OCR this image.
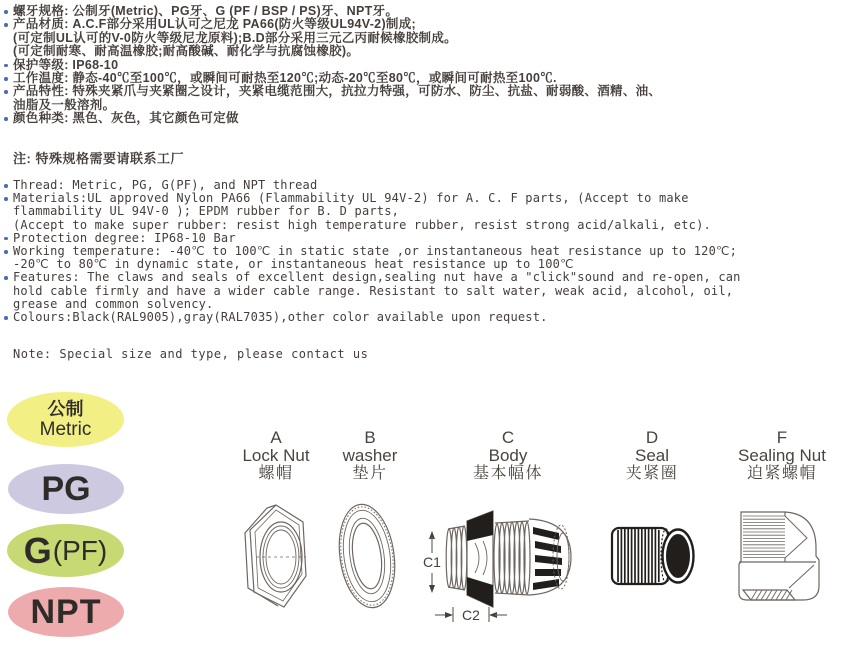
螺牙规格: 公制牙(Metric)、PG牙、G (PF / BSP / PS)牙、NPT牙。
产品材质: A.C.F部分采用UL认可之尼龙 PA66(防火等级UL94V-2)制成;
(可定制UL认可的V-0防火等级尼龙原料);B.D部分采用三元乙丙耐候橡胶制成。
(可定制耐寒、耐高温橡胶;耐高酸碱、耐化学与抗腐蚀橡胶)。
保护等级: IP68-10
工作温度: 静态-40℃至100℃，或瞬间可耐热至120℃;动态-20℃至80℃，或瞬间可耐热至100℃.
产品特性: 特殊夹紧爪与夹紧圈之设计，夹紧电缆范围大，抗拉力特强，可防水、防尘、抗盐、耐弱酸、酒精、油、
油脂及一般溶剂。
颜色种类: 黑色、灰色，其它颜色可定做
注: 特殊规格需要请联系工厂
Thread: Metric, PG, G(PF), and NPT thread
Materials:UL approved Nylon PA66 (Flammability UL 94V-2) for A. C. F parts, (Accept to make
flammability UL 94V-0 ); EPDM rubber for B. D parts,
(Accept to make super rubber: resist high temperature rubber, resist strong acid/alkali, etc).
Protection degree: IP68-10 Bar
Working temperature: -40℃ to 100℃ in static state ,or instantaneous heat resistance up to 120℃;
-20℃ to 80℃ in dynamic state, or instantaneous heat resistance up to 100℃
Features: The claws and seals of excellent design,sealing nut have a "click"sound and re-open, can
hold cable firmly and have a wider cable range. Resistant to salt water, weak acid, alcohol, oil,
grease and common solvency.
Colours:Black(RAL9005),gray(RAL7035),other color available upon request.
Note: Special size and type, please contact us
公制
Metric
PG
G (PF)
NPT
A
Lock Nut
螺帽
B
washer
垫片
C
Body
基本幅体
D
Seal
夹紧圈
F
Sealing Nut
迫紧螺帽
C1
C2
